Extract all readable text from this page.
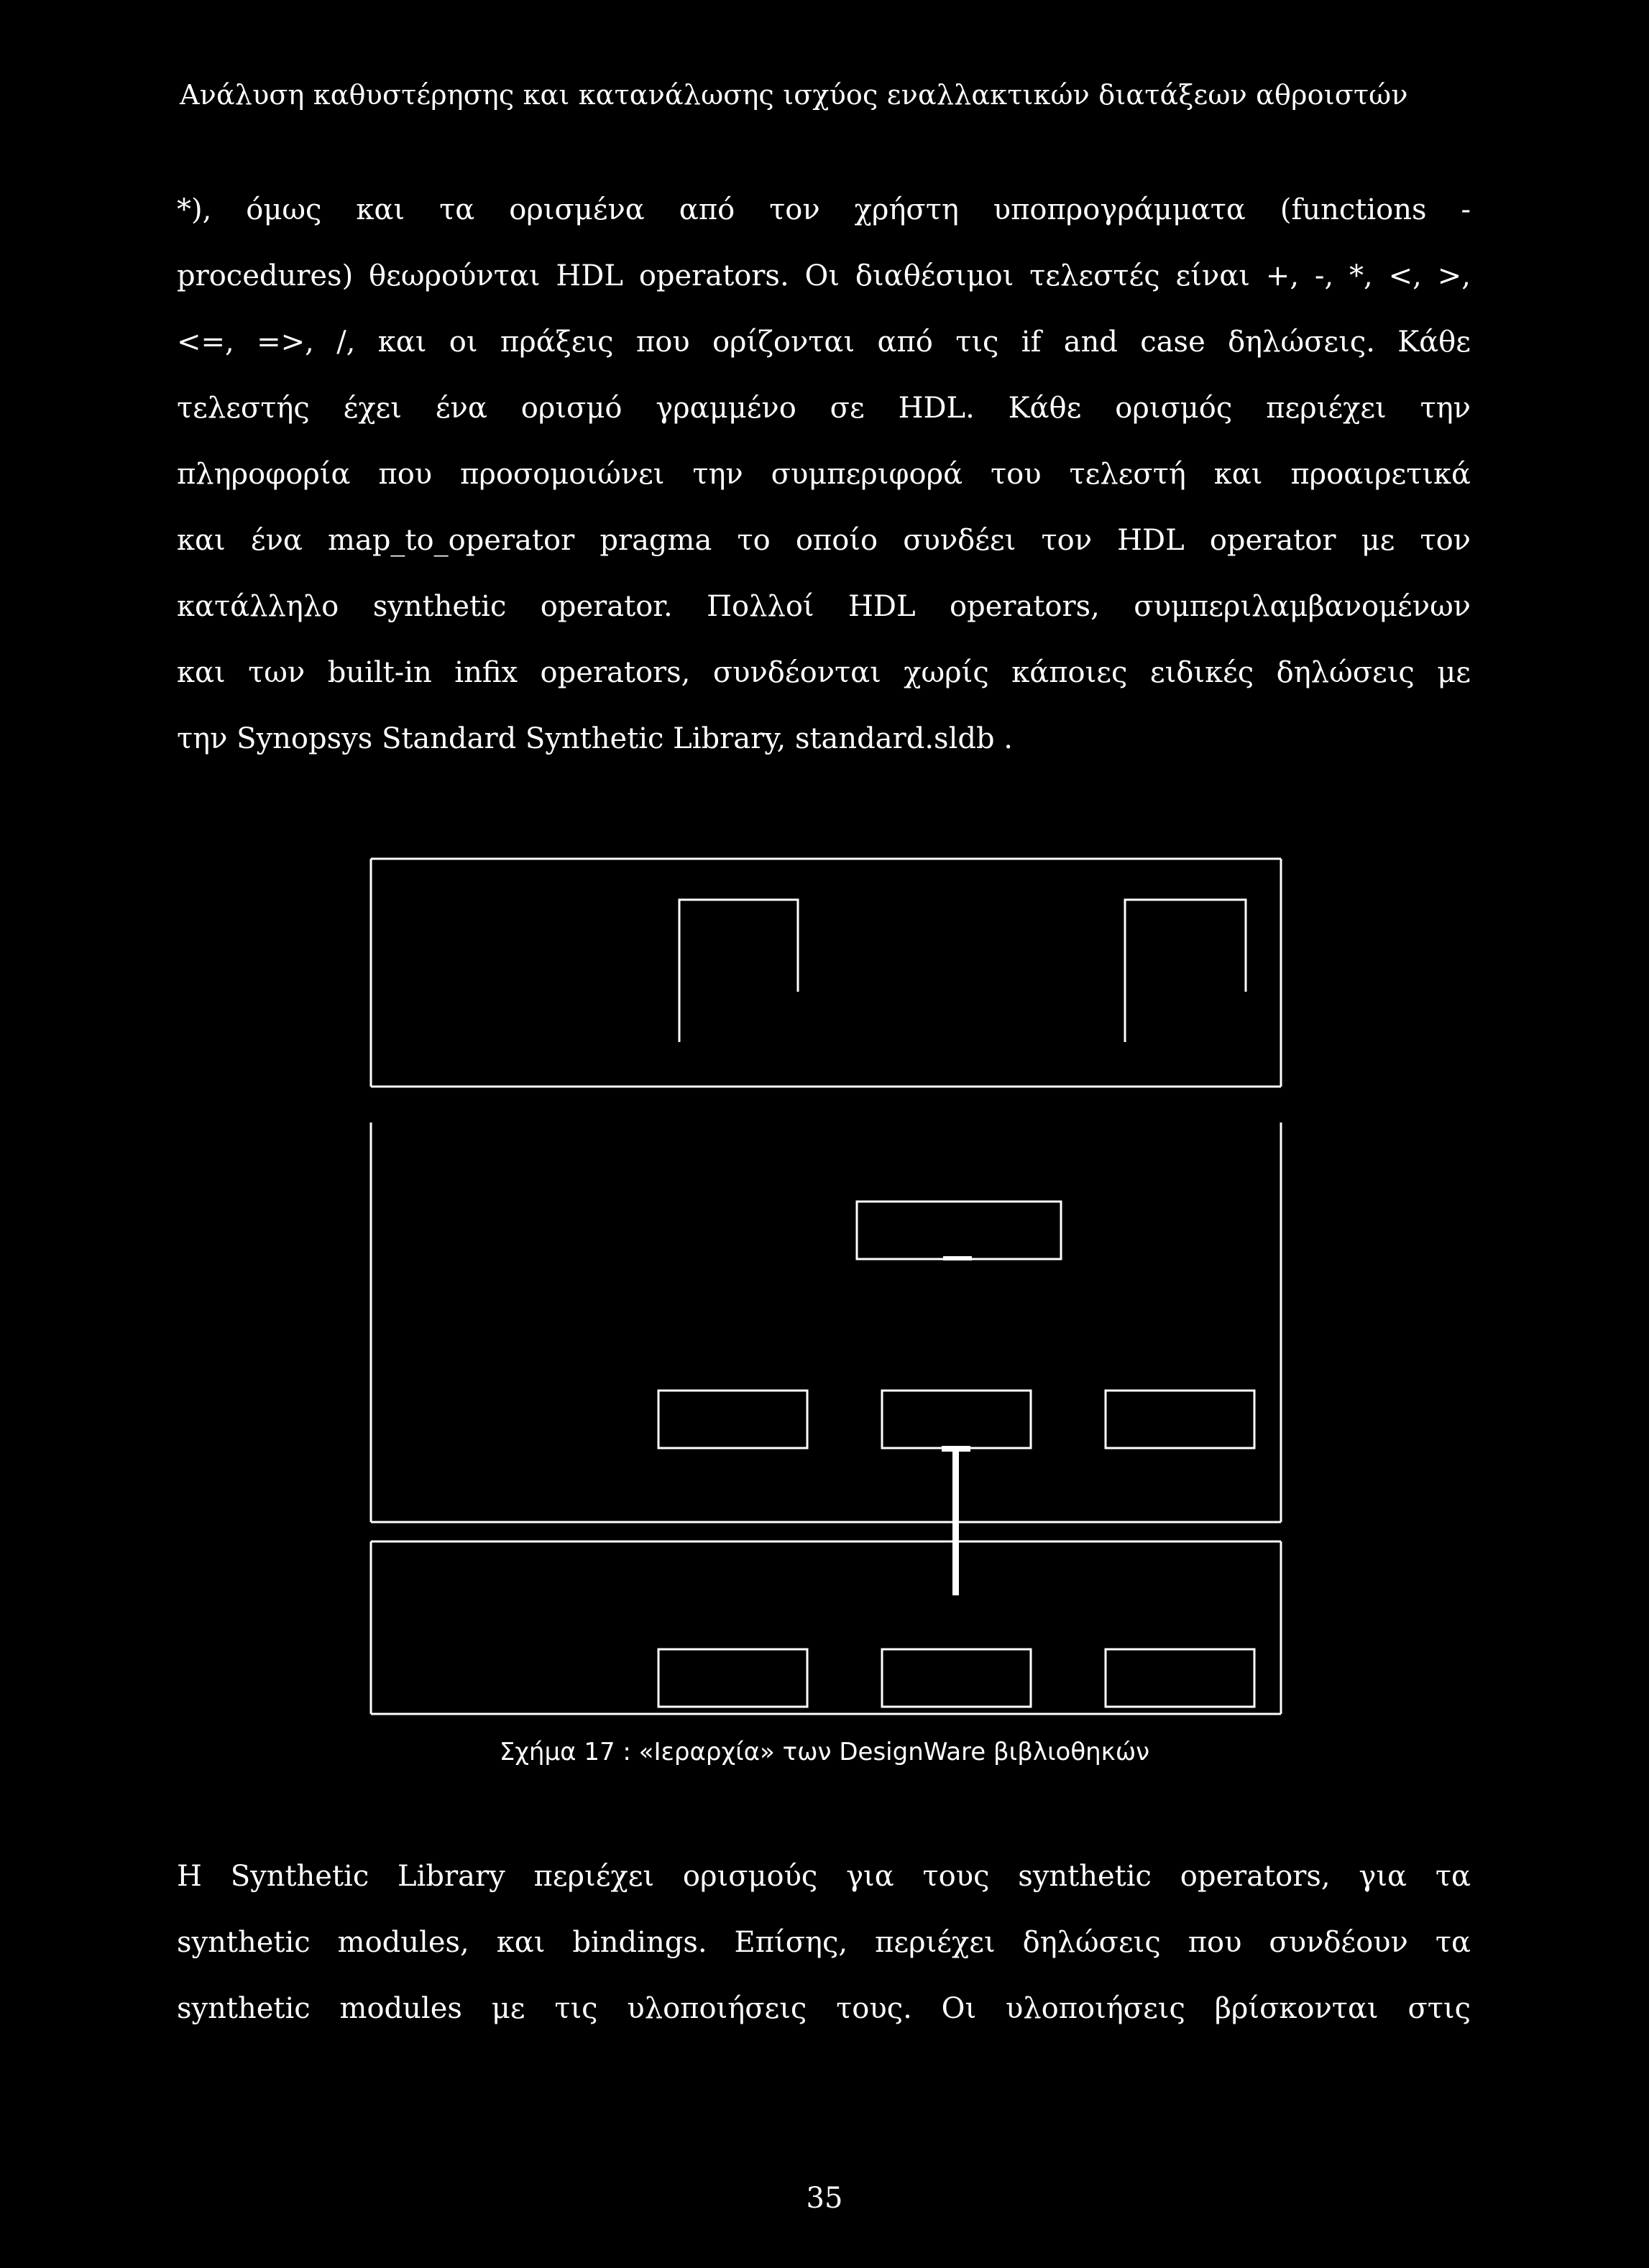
Ανάλυση καθυστέρησης και κατανάλωσης ισχύος εναλλακτικών διατάξεων αθροιστών
*), όμως και τα ορισμένα από τον χρήστη υποπρογράμματα (functions -
procedures) θεωρούνται HDL operators. Οι διαθέσιμοι τελεστές είναι +, -, *, <, >,
<=, =>, /, και οι πράξεις που ορίζονται από τις if and case δηλώσεις. Κάθε
τελεστής έχει ένα ορισμό γραμμένο σε HDL. Κάθε ορισμός περιέχει την
πληροφορία που προσομοιώνει την συμπεριφορά του τελεστή και προαιρετικά
και ένα map_to_operator pragma το οποίο συνδέει τον HDL operator με τον
κατάλληλο synthetic operator. Πολλοί HDL operators, συμπεριλαμβανομένων
και των built-in infix operators, συνδέονται χωρίς κάποιες ειδικές δηλώσεις με
την Synopsys Standard Synthetic Library, standard.sldb .
Σχήμα 17 : «Ιεραρχία» των DesignWare βιβλιοθηκών
Η Synthetic Library περιέχει ορισμούς για τους synthetic operators, για τα
synthetic modules, και bindings. Επίσης, περιέχει δηλώσεις που συνδέουν τα
synthetic modules με τις υλοποιήσεις τους. Οι υλοποιήσεις βρίσκονται στις
35
